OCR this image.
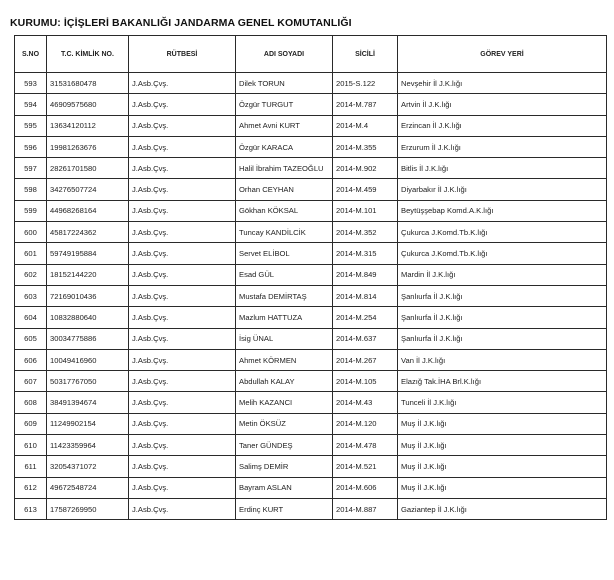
KURUMU: İÇİŞLERİ BAKANLIĞI JANDARMA GENEL KOMUTANLIĞI
S.NO	T.C. KİMLİK NO.	RÜTBESİ	ADI SOYADI	SİCİLİ	GÖREV YERİ
593	31531680478	J.Asb.Çvş.	Dilek TORUN	2015-S.122	Nevşehir İl J.K.lığı
594	46909575680	J.Asb.Çvş.	Özgür TURGUT	2014-M.787	Artvin İl J.K.lığı
595	13634120112	J.Asb.Çvş.	Ahmet Avni KURT	2014-M.4	Erzincan İl J.K.lığı
596	19981263676	J.Asb.Çvş.	Özgür KARACA	2014-M.355	Erzurum İl J.K.lığı
597	28261701580	J.Asb.Çvş.	Halil İbrahim TAZEOĞLU	2014-M.902	Bitlis İl J.K.lığı
598	34276507724	J.Asb.Çvş.	Orhan CEYHAN	2014-M.459	Diyarbakır İl J.K.lığı
599	44968268164	J.Asb.Çvş.	Gökhan KÖKSAL	2014-M.101	Beytüşşebap Komd.A.K.lığı
600	45817224362	J.Asb.Çvş.	Tuncay KANDİLCİK	2014-M.352	Çukurca J.Komd.Tb.K.lığı
601	59749195884	J.Asb.Çvş.	Servet ELİBOL	2014-M.315	Çukurca J.Komd.Tb.K.lığı
602	18152144220	J.Asb.Çvş.	Esad GÜL	2014-M.849	Mardin İl J.K.lığı
603	72169010436	J.Asb.Çvş.	Mustafa DEMİRTAŞ	2014-M.814	Şanlıurfa İl J.K.lığı
604	10832880640	J.Asb.Çvş.	Mazlum HATTUZA	2014-M.254	Şanlıurfa İl J.K.lığı
605	30034775886	J.Asb.Çvş.	İsig ÜNAL	2014-M.637	Şanlıurfa İl J.K.lığı
606	10049416960	J.Asb.Çvş.	Ahmet KÖRMEN	2014-M.267	Van İl J.K.lığı
607	50317767050	J.Asb.Çvş.	Abdullah KALAY	2014-M.105	Elazığ Tak.İHA Brl.K.lığı
608	38491394674	J.Asb.Çvş.	Melih KAZANCI	2014-M.43	Tunceli İl J.K.lığı
609	11249902154	J.Asb.Çvş.	Metin ÖKSÜZ	2014-M.120	Muş İl J.K.lığı
610	11423359964	J.Asb.Çvş.	Taner GÜNDEŞ	2014-M.478	Muş İl J.K.lığı
611	32054371072	J.Asb.Çvş.	Salimş DEMİR	2014-M.521	Muş İl J.K.lığı
612	49672548724	J.Asb.Çvş.	Bayram ASLAN	2014-M.606	Muş İl J.K.lığı
613	17587269950	J.Asb.Çvş.	Erdinç KURT	2014-M.887	Gaziantep İl J.K.lığı
